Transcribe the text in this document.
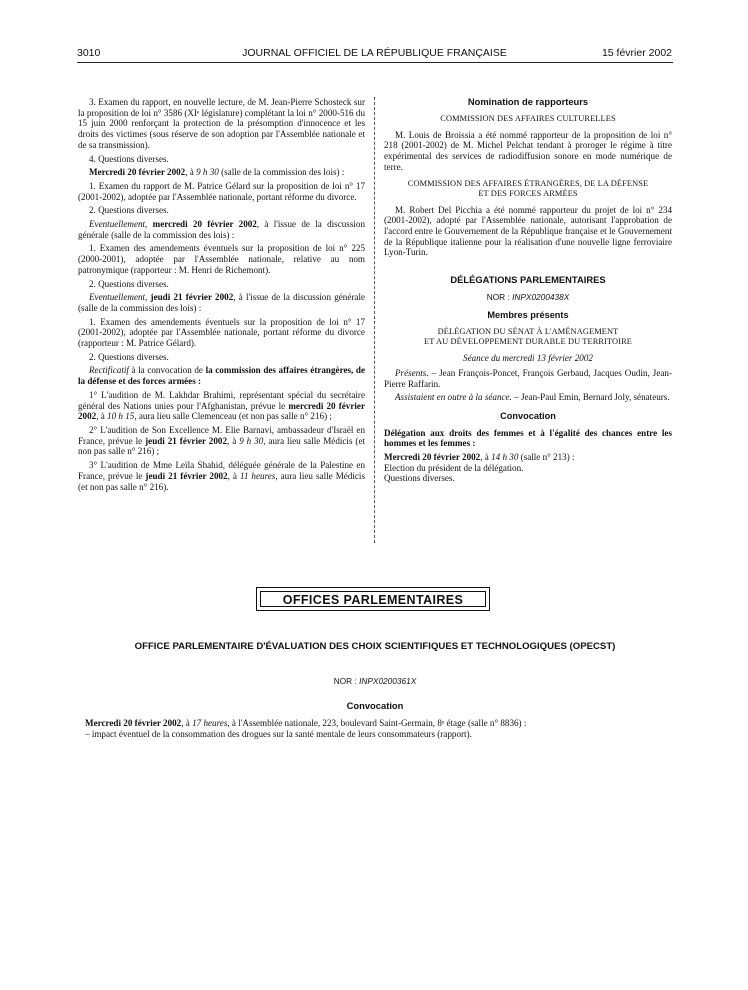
3010	JOURNAL OFFICIEL DE LA RÉPUBLIQUE FRANÇAISE	15 février 2002

3. Examen du rapport, en nouvelle lecture, de M. Jean-Pierre Schosteck sur la proposition de loi n° 3586 (XIᵉ législature) complétant la loi n° 2000-516 du 15 juin 2000 renforçant la protection de la présomption d'innocence et les droits des victimes (sous réserve de son adoption par l'Assemblée nationale et de sa transmission).

4. Questions diverses.

Mercredi 20 février 2002, à 9 h 30 (salle de la commission des lois) :

1. Examen du rapport de M. Patrice Gélard sur la proposition de loi n° 17 (2001-2002), adoptée par l'Assemblée nationale, portant réforme du divorce.

2. Questions diverses.

Eventuellement, mercredi 20 février 2002, à l'issue de la discussion générale (salle de la commission des lois) :

1. Examen des amendements éventuels sur la proposition de loi n° 225 (2000-2001), adoptée par l'Assemblée nationale, relative au nom patronymique (rapporteur : M. Henri de Richemont).

2. Questions diverses.

Eventuellement, jeudi 21 février 2002, à l'issue de la discussion générale (salle de la commission des lois) :

1. Examen des amendements éventuels sur la proposition de loi n° 17 (2001-2002), adoptée par l'Assemblée nationale, portant réforme du divorce (rapporteur : M. Patrice Gélard).

2. Questions diverses.

Rectificatif à la convocation de la commission des affaires étrangères, de la défense et des forces armées :

1° L'audition de M. Lakhdar Brahimi, représentant spécial du secrétaire général des Nations unies pour l'Afghanistan, prévue le mercredi 20 février 2002, à 10 h 15, aura lieu salle Clemenceau (et non pas salle n° 216) ;

2° L'audition de Son Excellence M. Elie Barnavi, ambassadeur d'Israël en France, prévue le jeudi 21 février 2002, à 9 h 30, aura lieu salle Médicis (et non pas salle n° 216) ;

3° L'audition de Mme Leïla Shahid, déléguée générale de la Palestine en France, prévue le jeudi 21 février 2002, à 11 heures, aura lieu salle Médicis (et non pas salle n° 216).

Nomination de rapporteurs
COMMISSION DES AFFAIRES CULTURELLES

M. Louis de Broissia a été nommé rapporteur de la proposition de loi n° 218 (2001-2002) de M. Michel Pelchat tendant à proroger le régime à titre expérimental des services de radiodiffusion sonore en mode numérique de terre.

COMMISSION DES AFFAIRES ÉTRANGÈRES, DE LA DÉFENSE
ET DES FORCES ARMÉES

M. Robert Del Picchia a été nommé rapporteur du projet de loi n° 234 (2001-2002), adopté par l'Assemblée nationale, autorisant l'approbation de l'accord entre le Gouvernement de la République française et le Gouvernement de la République italienne pour la réalisation d'une nouvelle ligne ferroviaire Lyon-Turin.

DÉLÉGATIONS PARLEMENTAIRES
NOR : INPX0200438X
Membres présents
DÉLÉGATION DU SÉNAT À L'AMÉNAGEMENT
ET AU DÉVELOPPEMENT DURABLE DU TERRITOIRE
Séance du mercredi 13 février 2002

Présents. – Jean François-Poncet, François Gerbaud, Jacques Oudin, Jean-Pierre Raffarin.

Assistaient en outre à la séance. – Jean-Paul Emin, Bernard Joly, sénateurs.

Convocation

Délégation aux droits des femmes et à l'égalité des chances entre les hommes et les femmes :

Mercredi 20 février 2002, à 14 h 30 (salle n° 213) :

Election du président de la délégation.

Questions diverses.

OFFICES PARLEMENTAIRES
OFFICE PARLEMENTAIRE D'ÉVALUATION DES CHOIX SCIENTIFIQUES ET TECHNOLOGIQUES (OPECST)
NOR : INPX0200361X
Convocation

Mercredi 20 février 2002, à 17 heures, à l'Assemblée nationale, 223, boulevard Saint-Germain, 8ᵉ étage (salle n° 8836) :

– impact éventuel de la consommation des drogues sur la santé mentale de leurs consommateurs (rapport).
